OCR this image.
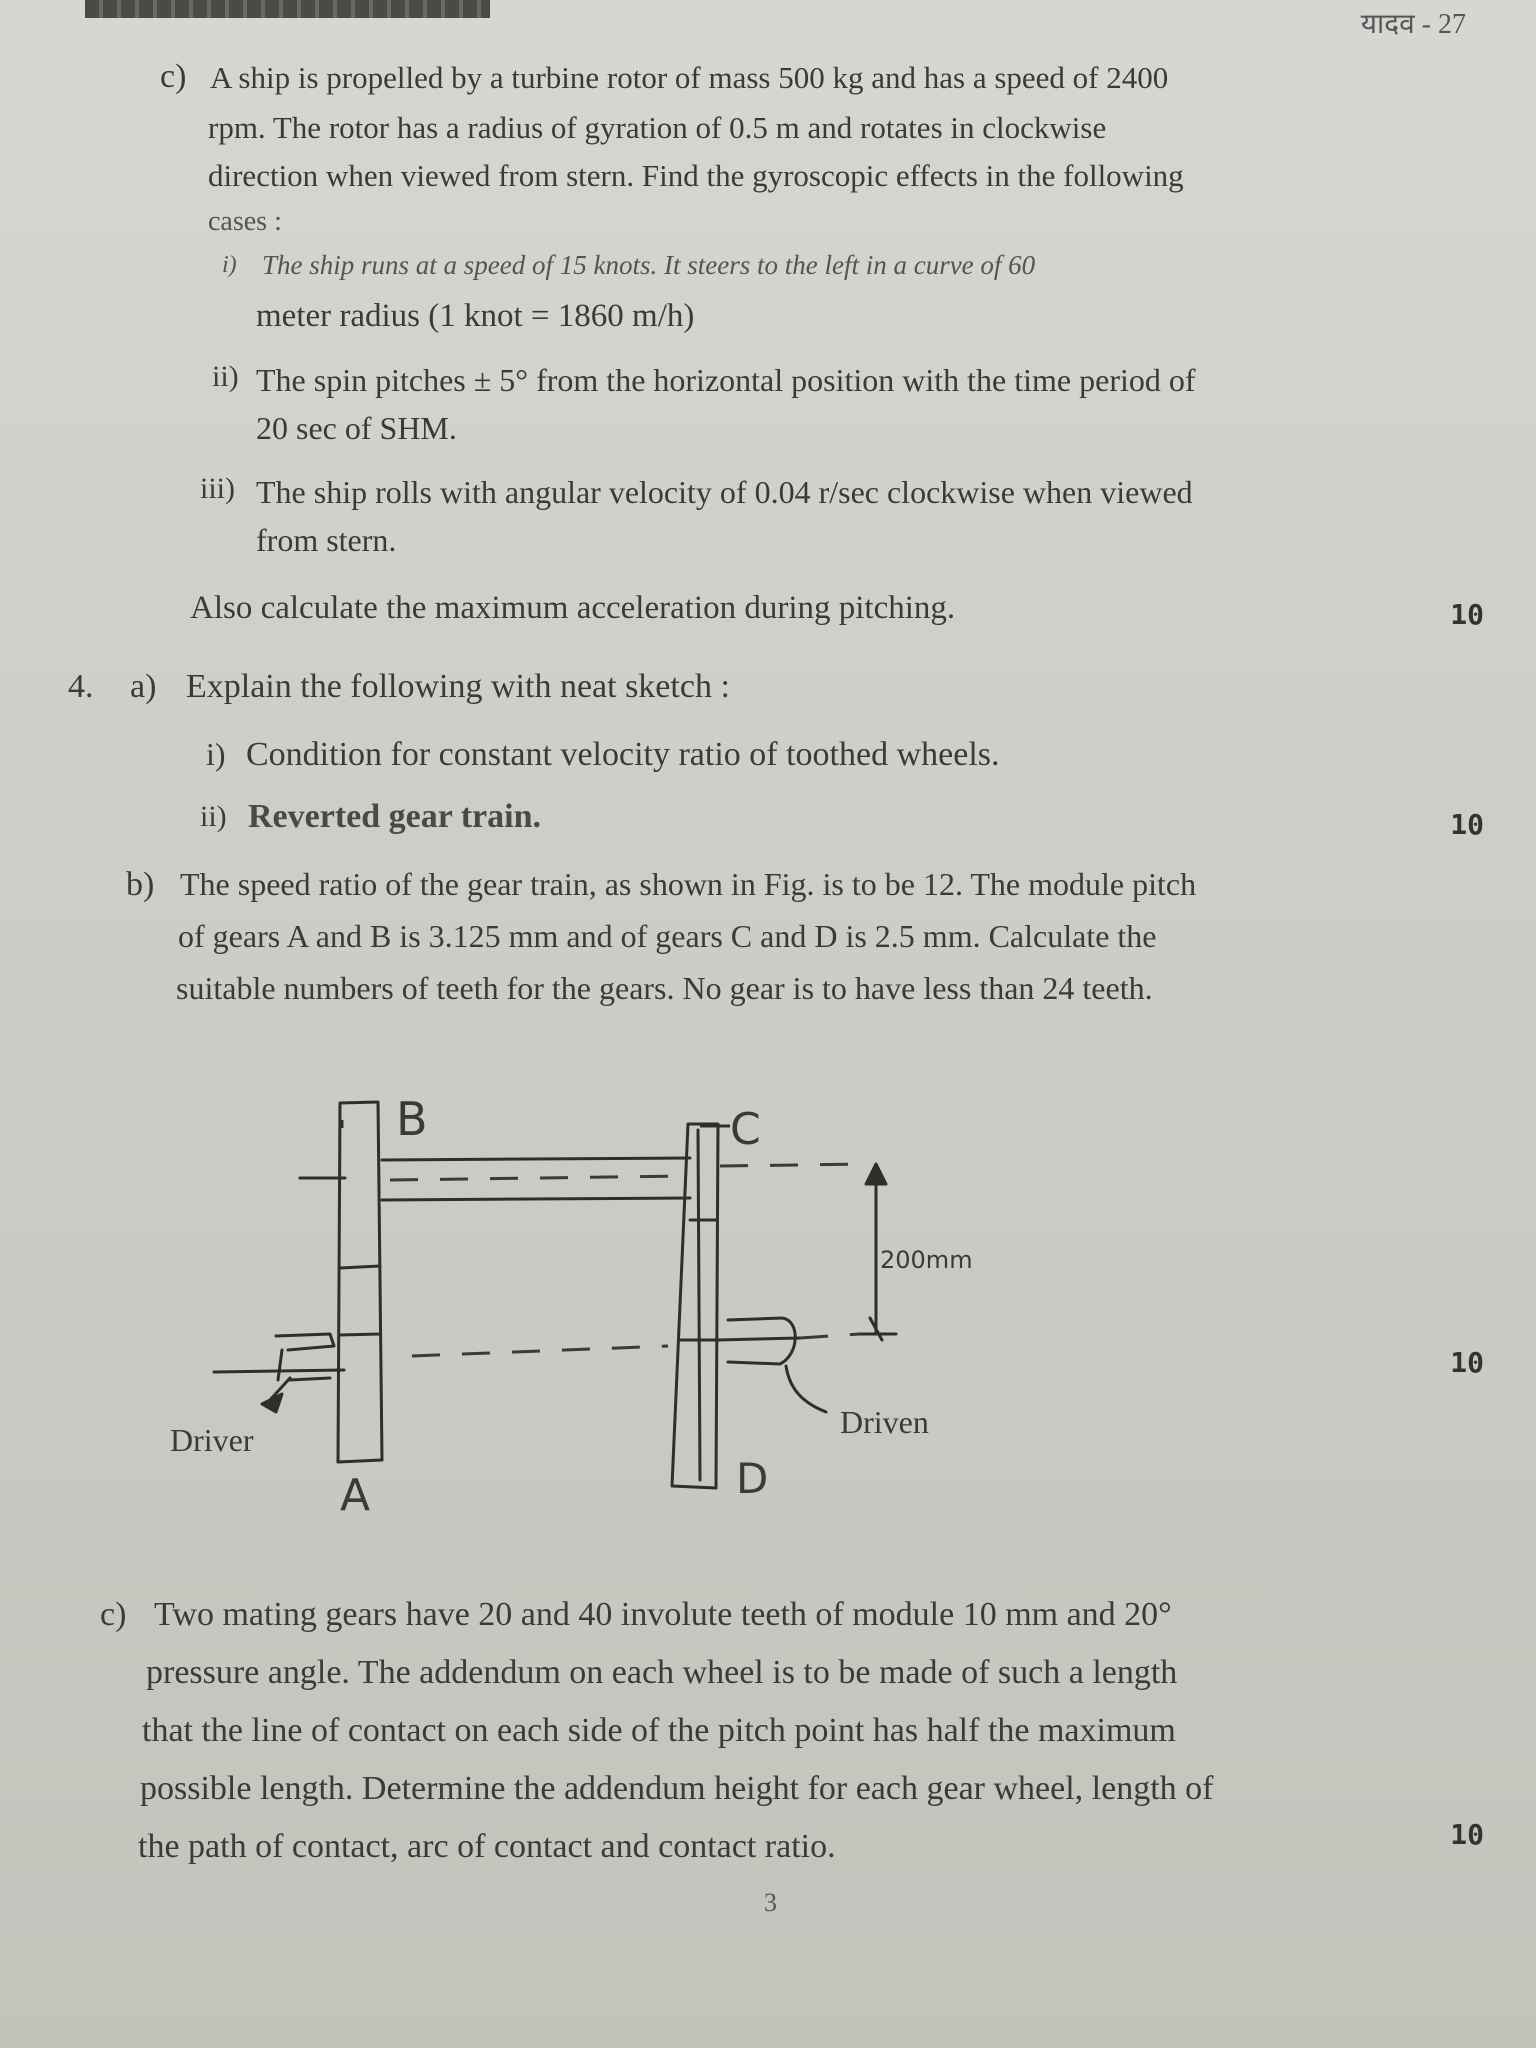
यादव - 27
c) A ship is propelled by a turbine rotor of mass 500 kg and has a speed of 2400
rpm. The rotor has a radius of gyration of 0.5 m and rotates in clockwise
direction when viewed from stern. Find the gyroscopic effects in the following
cases :
i) The ship runs at a speed of 15 knots. It steers to the left in a curve of 60
meter radius (1 knot = 1860 m/h)
ii) The spin pitches ± 5° from the horizontal position with the time period of
20 sec of SHM.
iii) The ship rolls with angular velocity of 0.04 r/sec clockwise when viewed
from stern.
Also calculate the maximum acceleration during pitching.	10
4. a) Explain the following with neat sketch :
i) Condition for constant velocity ratio of toothed wheels.
ii) Reverted gear train.	10
b) The speed ratio of the gear train, as shown in Fig. is to be 12. The module pitch
of gears A and B is 3.125 mm and of gears C and D is 2.5 mm. Calculate the
suitable numbers of teeth for the gears. No gear is to have less than 24 teeth.
B	C
200mm
A	D
Driver	Driven
10
c) Two mating gears have 20 and 40 involute teeth of module 10 mm and 20°
pressure angle. The addendum on each wheel is to be made of such a length
that the line of contact on each side of the pitch point has half the maximum
possible length. Determine the addendum height for each gear wheel, length of
the path of contact, arc of contact and contact ratio.	10
3
